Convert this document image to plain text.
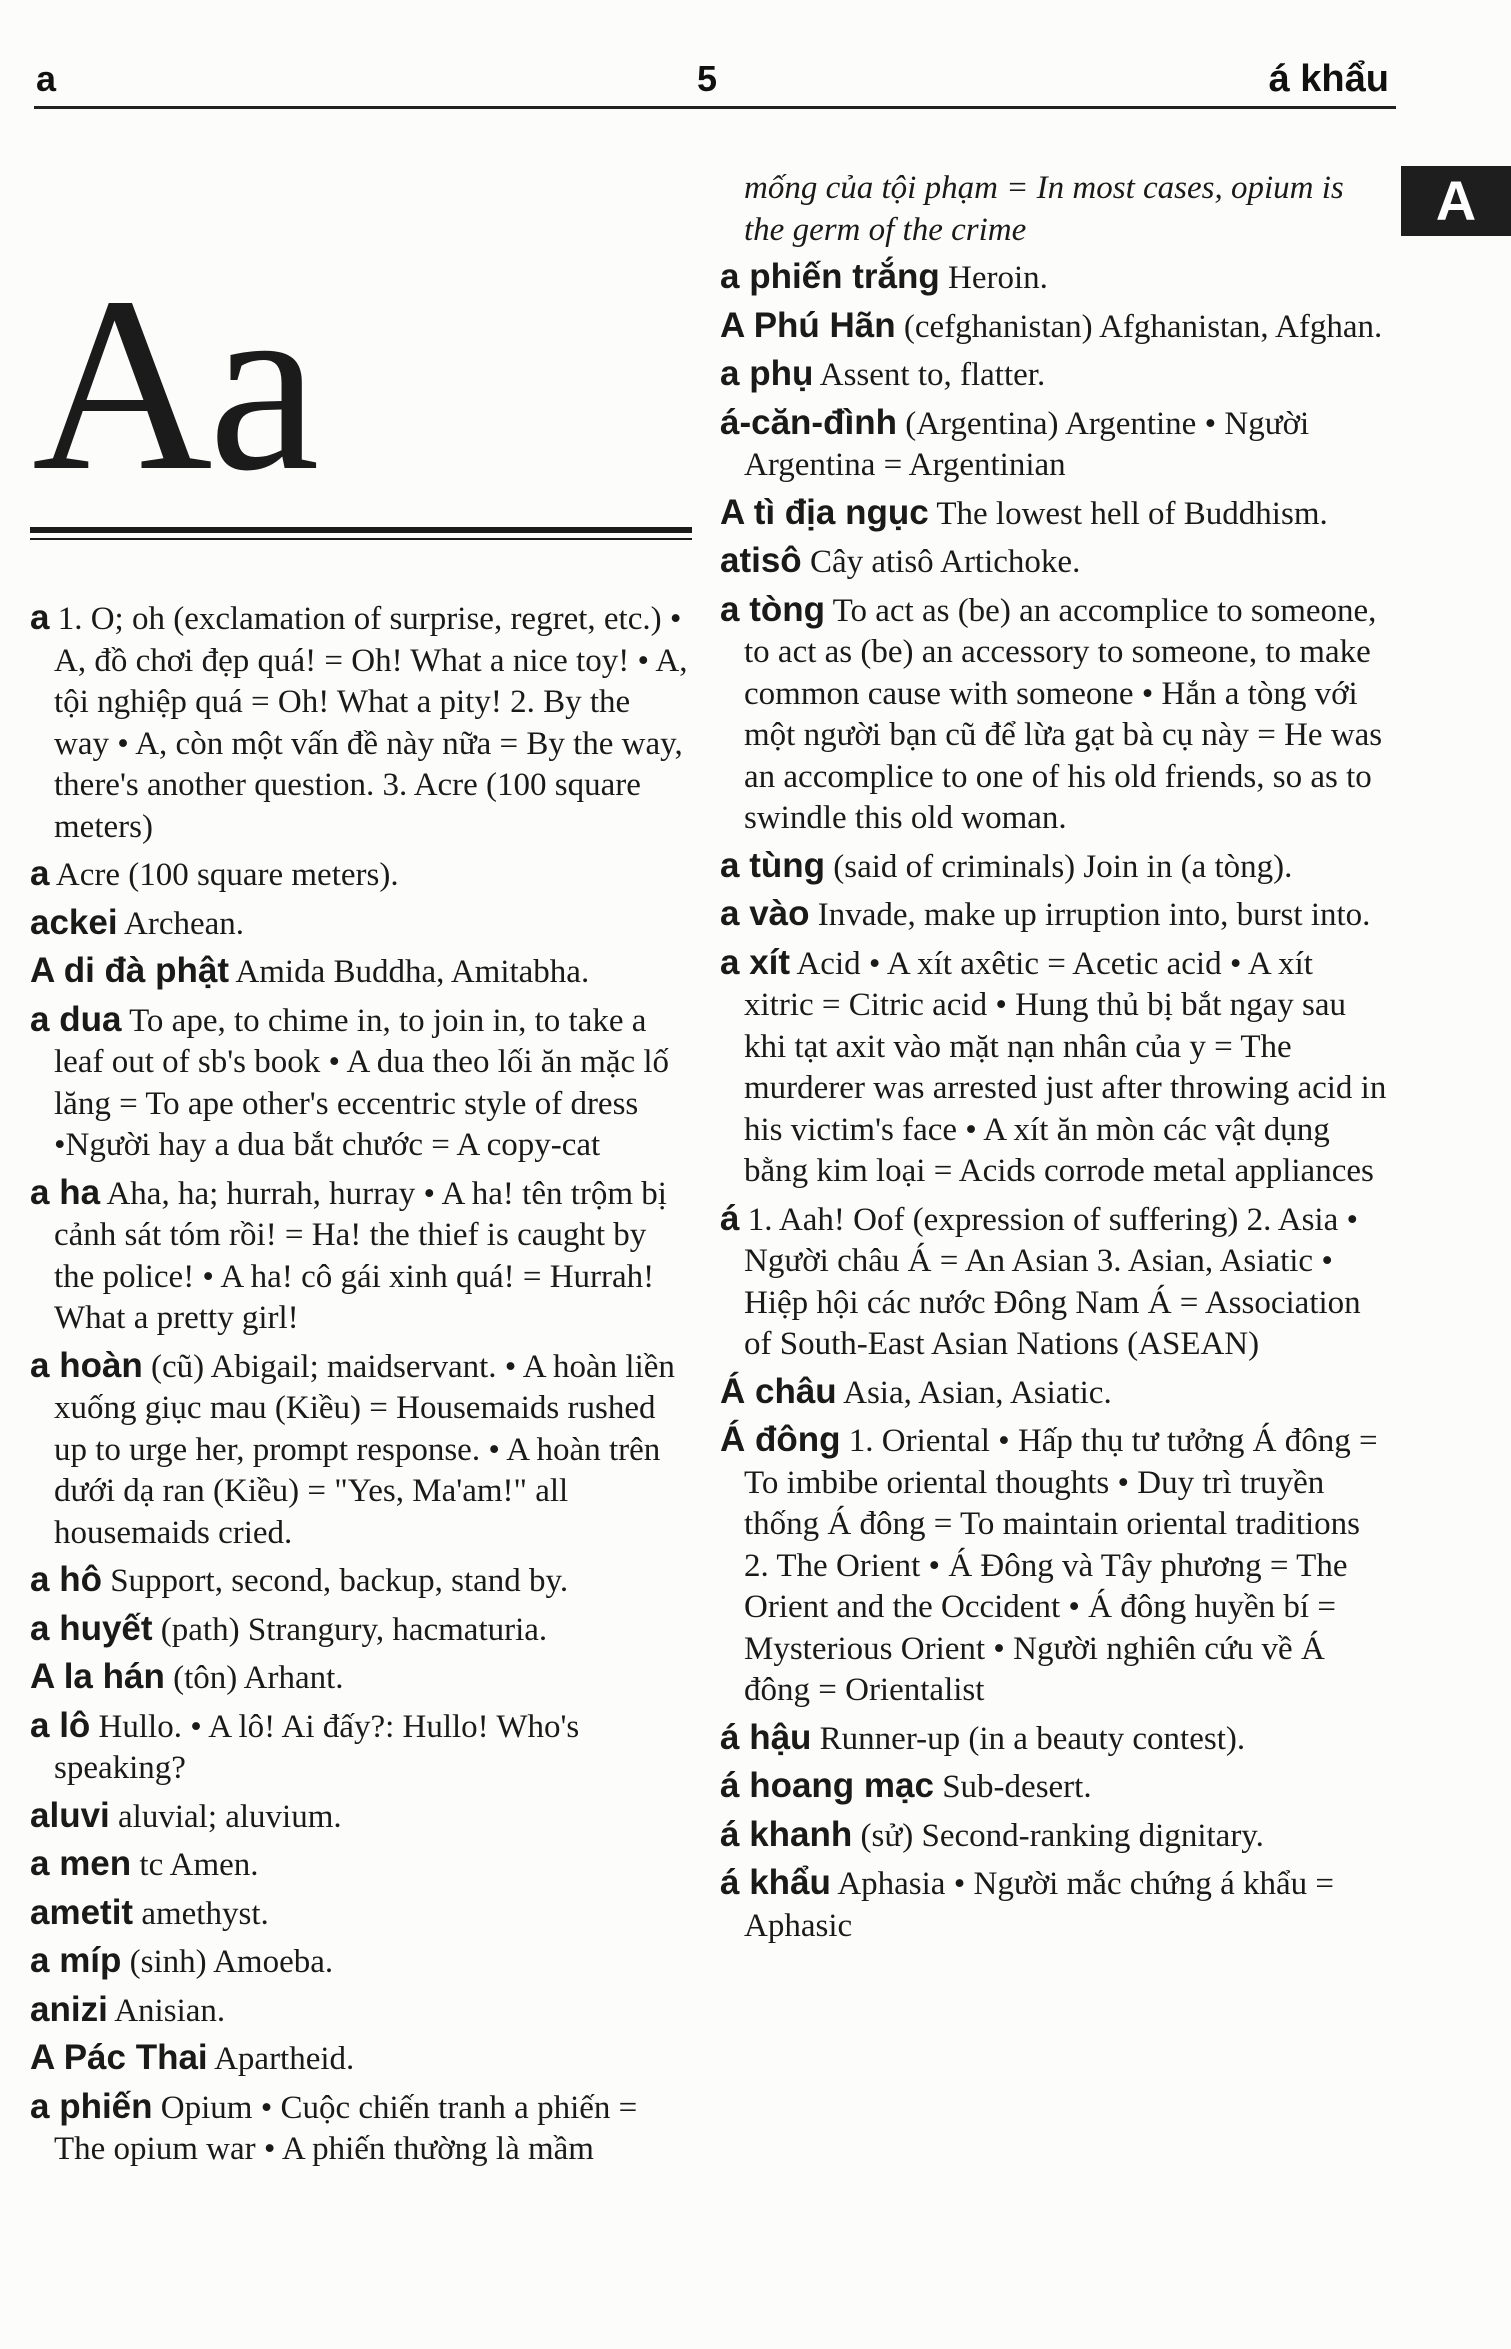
a	5	á khẩu
Aa
A
a 1. O; oh (exclamation of surprise, regret, etc.) • A, đồ chơi đẹp quá! = Oh! What a nice toy! • A, tội nghiệp quá = Oh! What a pity! 2. By the way • A, còn một vấn đề này nữa = By the way, there's another question. 3. Acre (100 square meters)
a Acre (100 square meters).
ackei Archean.
A di đà phật Amida Buddha, Amitabha.
a dua To ape, to chime in, to join in, to take a leaf out of sb's book • A dua theo lối ăn mặc lố lăng = To ape other's eccentric style of dress •Người hay a dua bắt chước = A copy-cat
a ha Aha, ha; hurrah, hurray • A ha! tên trộm bị cảnh sát tóm rồi! = Ha! the thief is caught by the police! • A ha! cô gái xinh quá! = Hurrah! What a pretty girl!
a hoàn (cũ) Abigail; maidservant. • A hoàn liền xuống giục mau (Kiều) = Housemaids rushed up to urge her, prompt response. • A hoàn trên dưới dạ ran (Kiều) = "Yes, Ma'am!" all housemaids cried.
a hô Support, second, backup, stand by.
a huyết (path) Strangury, hacmaturia.
A la hán (tôn) Arhant.
a lô Hullo. • A lô! Ai đấy?: Hullo! Who's speaking?
aluvi aluvial; aluvium.
a men tc Amen.
ametit amethyst.
a míp (sinh) Amoeba.
anizi Anisian.
A Pác Thai Apartheid.
a phiến Opium • Cuộc chiến tranh a phiến = The opium war • A phiến thường là mầm
mống của tội phạm = In most cases, opium is the germ of the crime
a phiến trắng Heroin.
A Phú Hãn (cefghanistan) Afghanistan, Afghan.
a phụ Assent to, flatter.
á-căn-đình (Argentina) Argentine • Người Argentina = Argentinian
A tì địa ngục The lowest hell of Buddhism.
atisô Cây atisô Artichoke.
a tòng To act as (be) an accomplice to someone, to act as (be) an accessory to someone, to make common cause with someone • Hắn a tòng với một người bạn cũ để lừa gạt bà cụ này = He was an accomplice to one of his old friends, so as to swindle this old woman.
a tùng (said of criminals) Join in (a tòng).
a vào Invade, make up irruption into, burst into.
a xít Acid • A xít axêtic = Acetic acid • A xít xitric = Citric acid • Hung thủ bị bắt ngay sau khi tạt axit vào mặt nạn nhân của y = The murderer was arrested just after throwing acid in his victim's face • A xít ăn mòn các vật dụng bằng kim loại = Acids corrode metal appliances
á 1. Aah! Oof (expression of suffering) 2. Asia • Người châu Á = An Asian 3. Asian, Asiatic • Hiệp hội các nước Đông Nam Á = Association of South-East Asian Nations (ASEAN)
Á châu Asia, Asian, Asiatic.
Á đông 1. Oriental • Hấp thụ tư tưởng Á đông = To imbibe oriental thoughts • Duy trì truyền thống Á đông = To maintain oriental traditions 2. The Orient • Á Đông và Tây phương = The Orient and the Occident • Á đông huyền bí = Mysterious Orient • Người nghiên cứu về Á đông = Orientalist
á hậu Runner-up (in a beauty contest).
á hoang mạc Sub-desert.
á khanh (sử) Second-ranking dignitary.
á khẩu Aphasia • Người mắc chứng á khẩu = Aphasic
